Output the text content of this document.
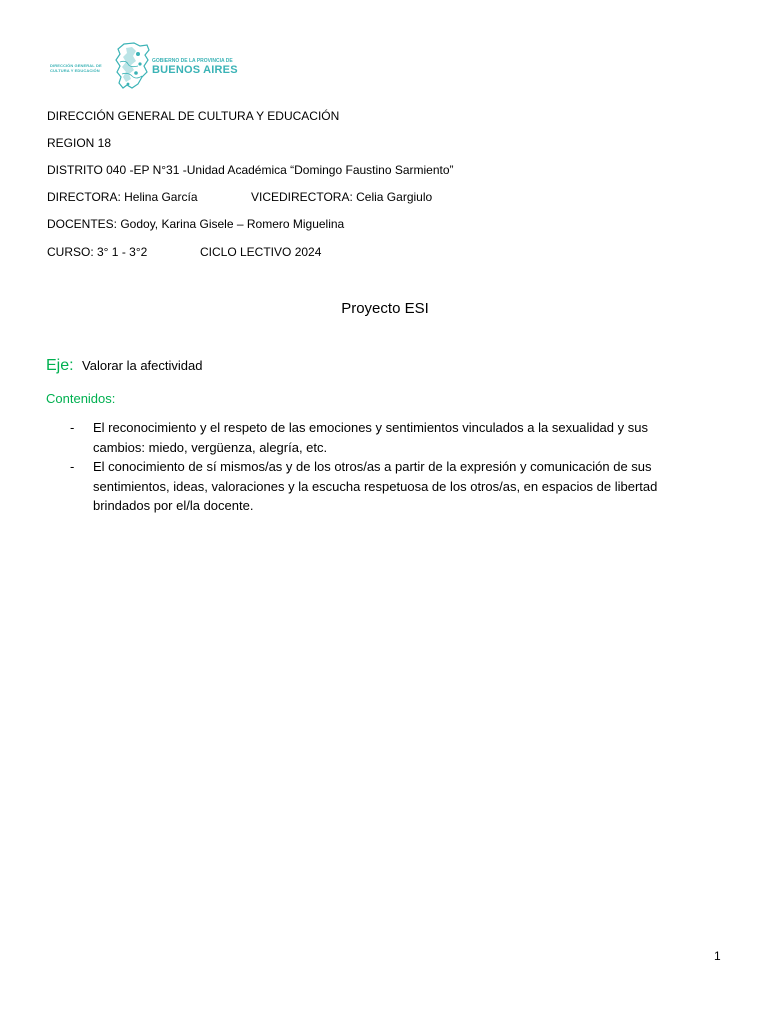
DIRECCIÓN GENERAL DE
CULTURA Y EDUCACIÓN
GOBIERNO DE LA PROVINCIA DE
BUENOS AIRES
DIRECCIÓN GENERAL DE CULTURA Y EDUCACIÓN
REGION 18
DISTRITO 040 -EP N°31 -Unidad Académica “Domingo Faustino Sarmiento”
DIRECTORA: Helina García	VICEDIRECTORA: Celia Gargiulo
DOCENTES: Godoy, Karina Gisele – Romero Miguelina
CURSO: 3° 1 - 3°2	CICLO LECTIVO 2024
Proyecto ESI
Eje: Valorar la afectividad
Contenidos:
- El reconocimiento y el respeto de las emociones y sentimientos vinculados a la sexualidad y sus
cambios: miedo, vergüenza, alegría, etc.
- El conocimiento de sí mismos/as y de los otros/as a partir de la expresión y comunicación de sus
sentimientos, ideas, valoraciones y la escucha respetuosa de los otros/as, en espacios de libertad
brindados por el/la docente.
1
